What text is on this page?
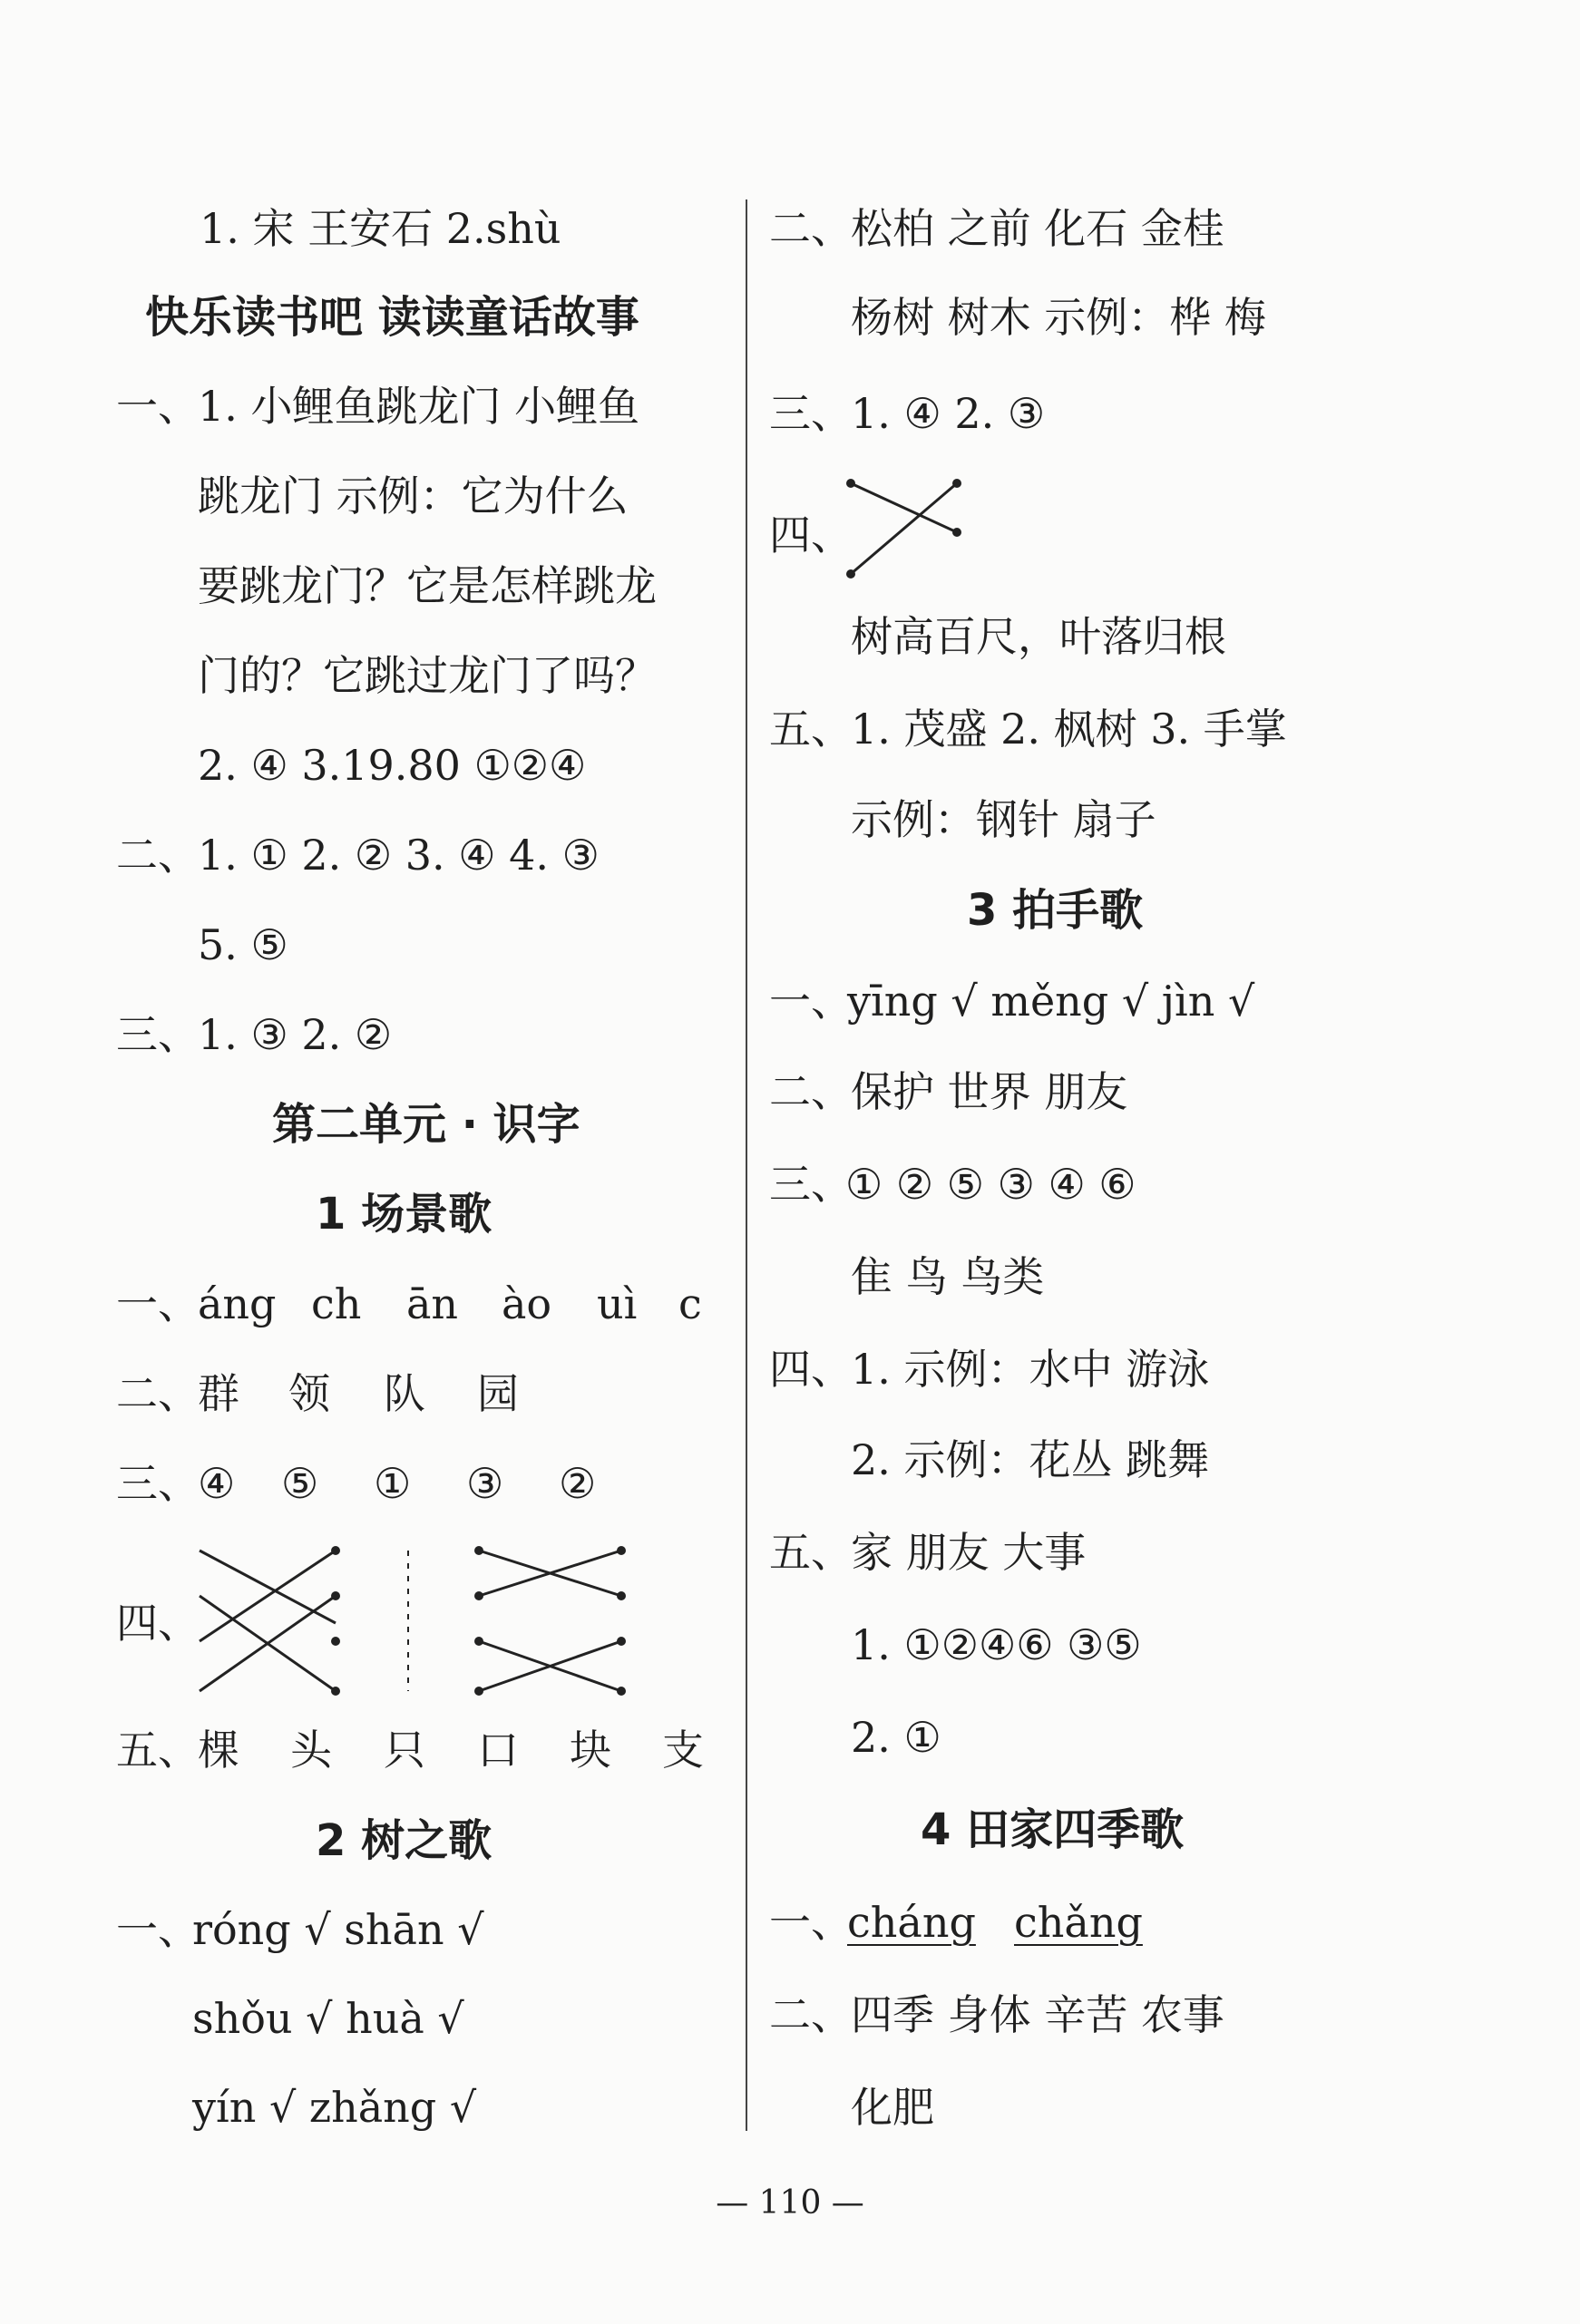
1. 宋 王安石 2.shù
快乐读书吧 读读童话故事
一、
1. 小鲤鱼跳龙门 小鲤鱼
跳龙门 示例：它为什么
要跳龙门？它是怎样跳龙
门的？它跳过龙门了吗？
2. ④ 3.19.80 ①②④
二、
1. ① 2. ② 3. ④ 4. ③
5. ⑤
三、
1. ③ 2. ②
第二单元 · 识字
1 场景歌
一、
áng ch ān ào uì c
二、
群 领 队 园
三、
④ ⑤ ① ③ ②
四、
五、
棵 头 只 口 块 支
2 树之歌
一、
róng √ shān √
shǒu √ huà √
yín √ zhǎng √
二、
松柏 之前 化石 金桂
杨树 树木 示例：桦 梅
三、
1. ④ 2. ③
四、
树高百尺，叶落归根
五、
1. 茂盛 2. 枫树 3. 手掌
示例：钢针 扇子
3 拍手歌
一、
yīng √ měng √ jìn √
二、
保护 世界 朋友
三、
① ② ⑤ ③ ④ ⑥
隹 鸟 鸟类
四、
1. 示例：水中 游泳
2. 示例：花丛 跳舞
五、
家 朋友 大事
1. ①②④⑥ ③⑤
2. ①
4 田家四季歌
一、
cháng chǎng
二、
四季 身体 辛苦 农事
化肥
— 110 —
